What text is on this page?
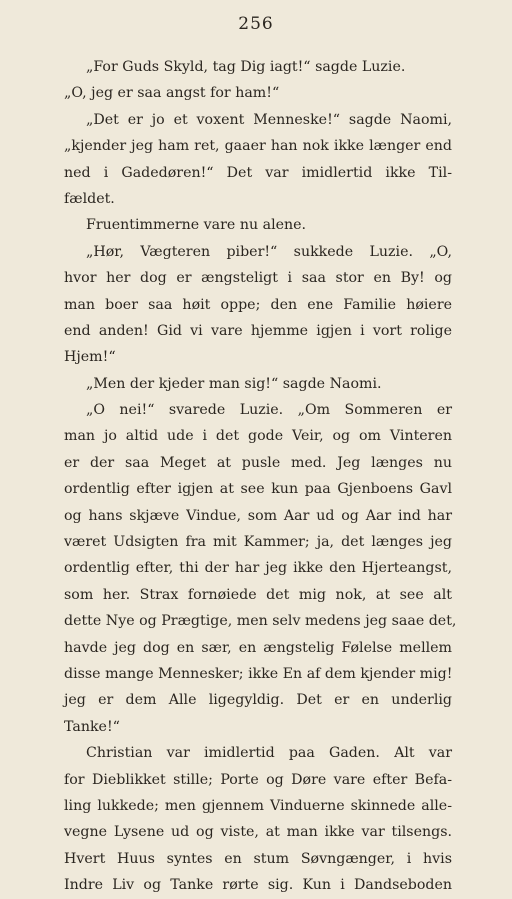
256
„For Guds Skyld, tag Dig iagt!“ sagde Luzie.
„O, jeg er saa angst for ham!“
„Det er jo et voxent Menneske!“ sagde Naomi,
„kjender jeg ham ret, gaaer han nok ikke længer end
ned i Gadedøren!“ Det var imidlertid ikke Til-
fældet.
Fruentimmerne vare nu alene.
„Hør, Vægteren piber!“ sukkede Luzie. „O,
hvor her dog er ængsteligt i saa stor en By! og
man boer saa høit oppe; den ene Familie høiere
end anden! Gid vi vare hjemme igjen i vort rolige
Hjem!“
„Men der kjeder man sig!“ sagde Naomi.
„O nei!“ svarede Luzie. „Om Sommeren er
man jo altid ude i det gode Veir, og om Vinteren
er der saa Meget at pusle med. Jeg længes nu
ordentlig efter igjen at see kun paa Gjenboens Gavl
og hans skjæve Vindue, som Aar ud og Aar ind har
været Udsigten fra mit Kammer; ja, det længes jeg
ordentlig efter, thi der har jeg ikke den Hjerteangst,
som her. Strax fornøiede det mig nok, at see alt
dette Nye og Prægtige, men selv medens jeg saae det,
havde jeg dog en sær, en ængstelig Følelse mellem
disse mange Mennesker; ikke En af dem kjender mig!
jeg er dem Alle ligegyldig. Det er en underlig
Tanke!“
Christian var imidlertid paa Gaden. Alt var
for Dieblikket stille; Porte og Døre vare efter Befa-
ling lukkede; men gjennem Vinduerne skinnede alle-
vegne Lysene ud og viste, at man ikke var tilsengs.
Hvert Huus syntes en stum Søvngænger, i hvis
Indre Liv og Tanke rørte sig. Kun i Dandseboden
